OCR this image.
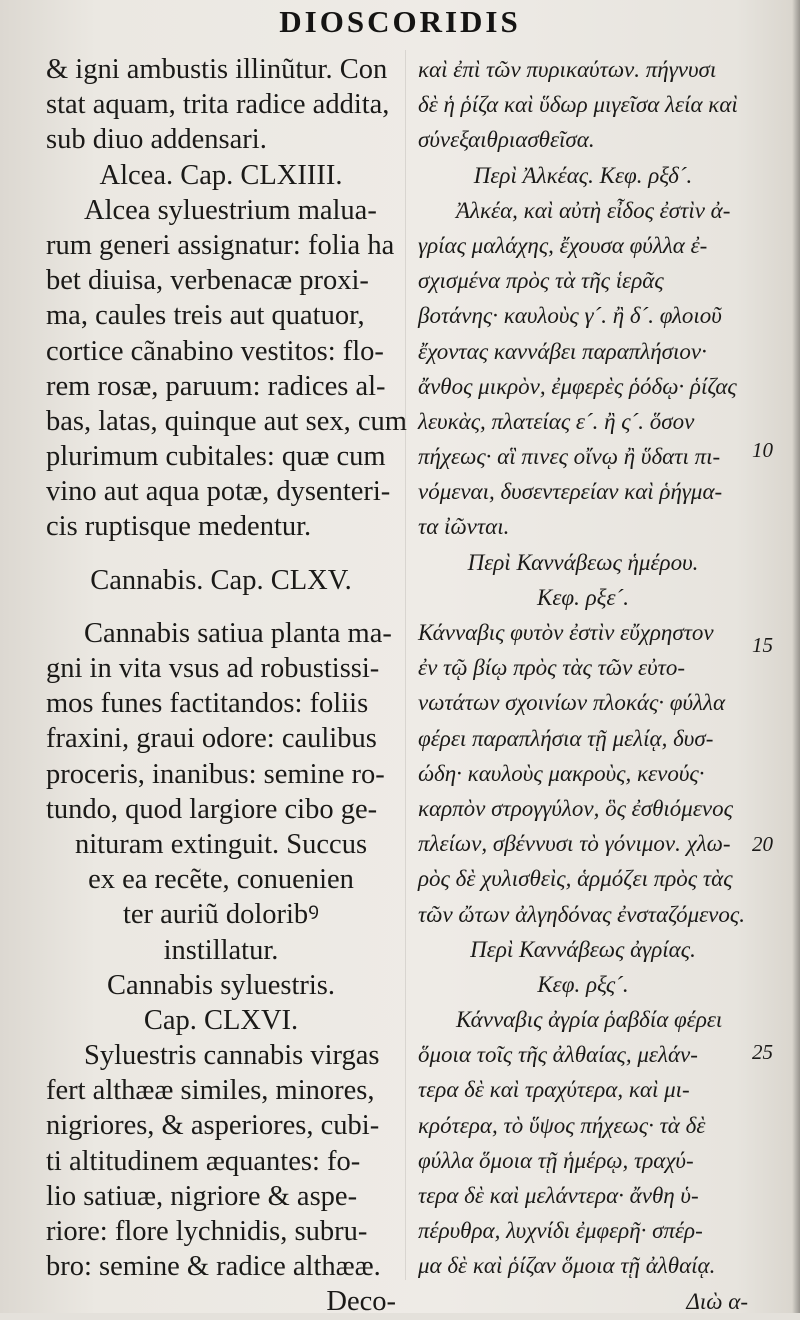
DIOSCORIDIS
& igni ambustis illinũtur. Con
stat aquam, trita radice addita,
sub diuo addensari.
Alcea. Cap. CLXIIII.
Alcea syluestrium malua-
rum generi assignatur: folia ha
bet diuisa, verbenacæ proxi-
ma, caules treis aut quatuor,
cortice cãnabino vestitos: flo-
rem rosæ, paruum: radices al-
bas, latas, quinque aut sex, cum
plurimum cubitales: quæ cum
vino aut aqua potæ, dysenteri-
cis ruptisque medentur.
Cannabis. Cap. CLXV.
Cannabis satiua planta ma-
gni in vita vsus ad robustissi-
mos funes factitandos: foliis
fraxini, graui odore: caulibus
proceris, inanibus: semine ro-
tundo, quod largiore cibo ge-
nituram extinguit. Succus
ex ea recẽte, conuenien
ter auriũ doloribꝰ
instillatur.
Cannabis syluestris.
Cap. CLXVI.
Syluestris cannabis virgas
fert althææ similes, minores,
nigriores, & asperiores, cubi-
ti altitudinem æquantes: fo-
lio satiuæ, nigriore & aspe-
riore: flore lychnidis, subru-
bro: semine & radice althææ.
Deco-
καὶ ἐπὶ τῶν πυρικαύτων. πήγνυσι
δὲ ἡ ῥίζα καὶ ὕδωρ μιγεῖσα λεία καὶ
σύνεξαιθριασθεῖσα.
Περὶ Ἀλκέας. Κεφ. ρξδ´.
Ἀλκέα, καὶ αὐτὴ εἶδος ἐστὶν ἀ-
γρίας μαλάχης, ἔχουσα φύλλα ἐ-
σχισμένα πρὸς τὰ τῆς ἱερᾶς
βοτάνης· καυλοὺς γ´. ἢ δ´. φλοιοῦ
ἔχοντας καννάβει παραπλήσιον·
ἄνθος μικρὸν, ἐμφερὲς ῥόδῳ· ῥίζας
λευκὰς, πλατείας ε´. ἢ ς´. ὅσον
πήχεως· αἳ πινες οἴνῳ ἢ ὕδατι πι-
νόμεναι, δυσεντερείαν καὶ ῥήγμα-
τα ἰῶνται.
Περὶ Καννάβεως ἡμέρου.
Κεφ. ρξε´.
Κάνναβις φυτὸν ἐστὶν εὔχρηστον
ἐν τῷ βίῳ πρὸς τὰς τῶν εὐτο-
νωτάτων σχοινίων πλοκάς· φύλλα
φέρει παραπλήσια τῇ μελίᾳ, δυσ-
ώδη· καυλοὺς μακροὺς, κενούς·
καρπὸν στρογγύλον, ὃς ἐσθιόμενος
πλείων, σβέννυσι τὸ γόνιμον. χλω-
ρὸς δὲ χυλισθεὶς, ἁρμόζει πρὸς τὰς
τῶν ὤτων ἀλγηδόνας ἐνσταζόμενος.
Περὶ Καννάβεως ἀγρίας.
Κεφ. ρξς´.
Κάνναβις ἀγρία ῥαβδία φέρει
ὅμοια τοῖς τῆς ἀλθαίας, μελάν-
τερα δὲ καὶ τραχύτερα, καὶ μι-
κρότερα, τὸ ὕψος πήχεως· τὰ δὲ
φύλλα ὅμοια τῇ ἡμέρῳ, τραχύ-
τερα δὲ καὶ μελάντερα· ἄνθη ὑ-
πέρυθρα, λυχνίδι ἐμφερῆ· σπέρ-
μα δὲ καὶ ῥίζαν ὅμοια τῇ ἀλθαίᾳ.
Διὼ α-
10
15
20
25
